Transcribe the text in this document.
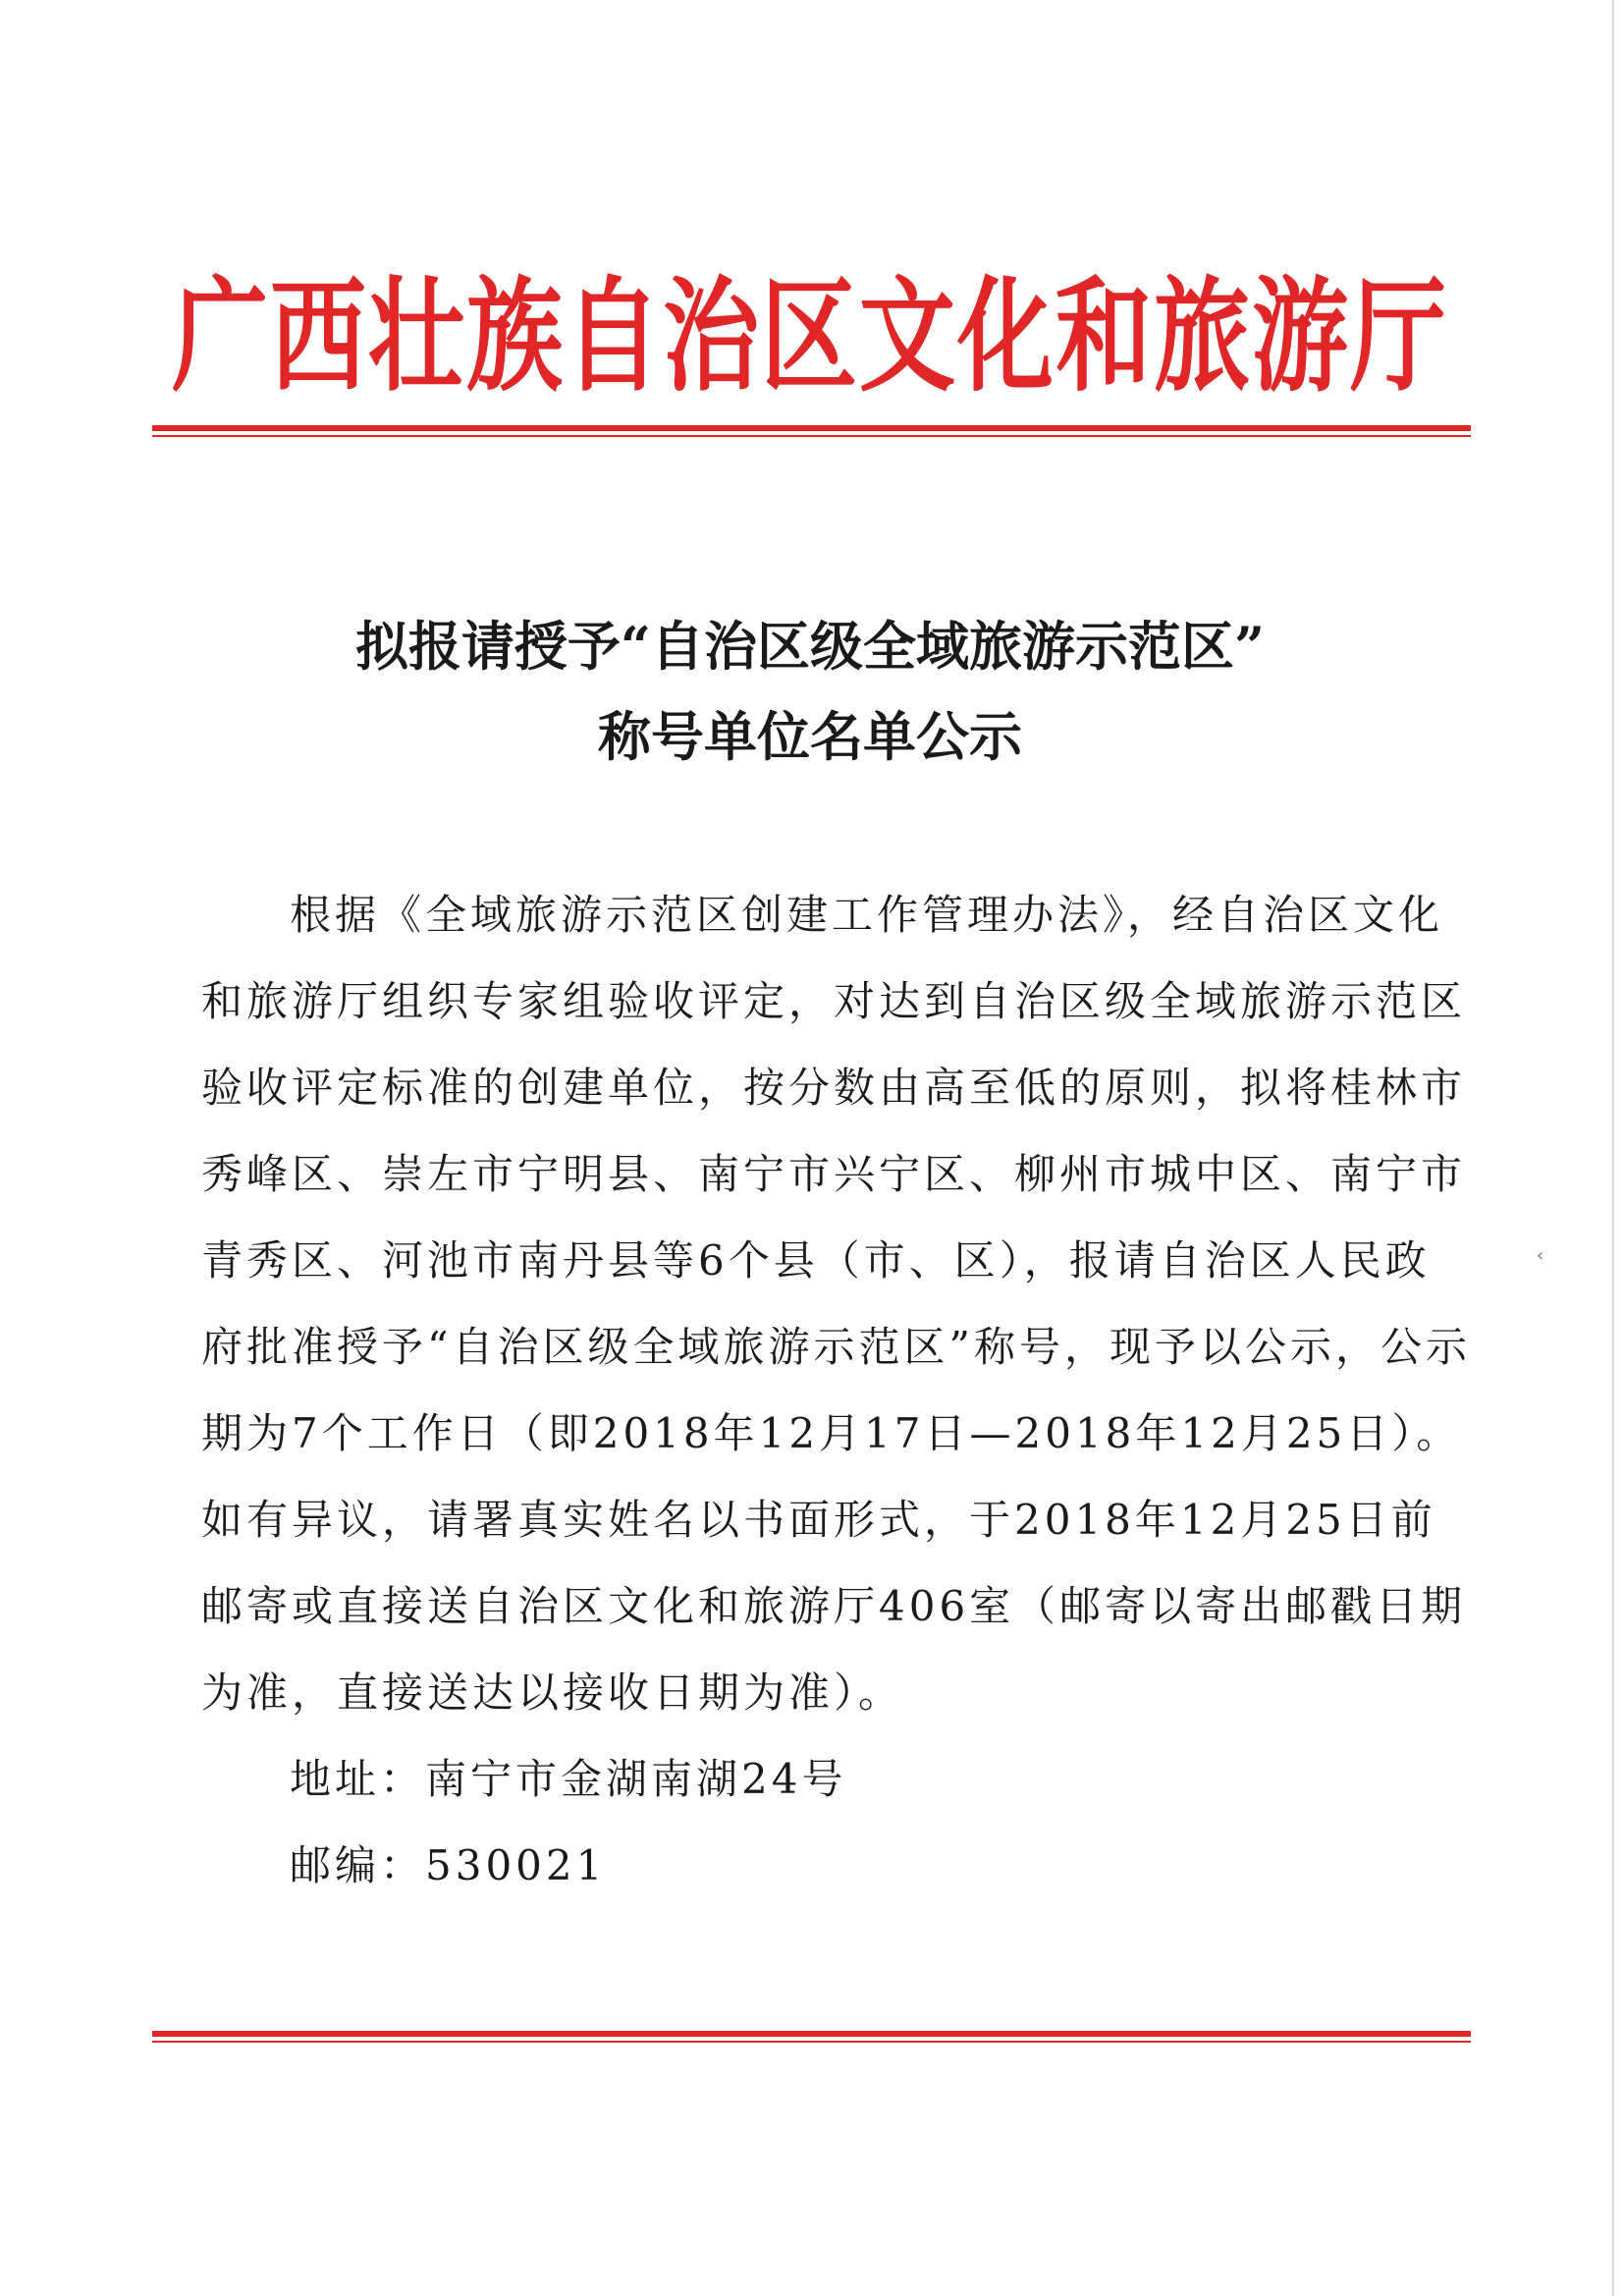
广西壮族自治区文化和旅游厅
拟报请授予“自治区级全域旅游示范区”
称号单位名单公示
根据《全域旅游示范区创建工作管理办法》，经自治区文化
和旅游厅组织专家组验收评定，对达到自治区级全域旅游示范区
验收评定标准的创建单位，按分数由高至低的原则，拟将桂林市
秀峰区、崇左市宁明县、南宁市兴宁区、柳州市城中区、南宁市
青秀区、河池市南丹县等6个县（市、区），报请自治区人民政
府批准授予“自治区级全域旅游示范区”称号，现予以公示，公示
期为7个工作日（即2018年12月17日—2018年12月25日）。
如有异议，请署真实姓名以书面形式，于2018年12月25日前
邮寄或直接送自治区文化和旅游厅406室（邮寄以寄出邮戳日期
为准，直接送达以接收日期为准）。
地址：南宁市金湖南湖24号
邮编：530021
‹
